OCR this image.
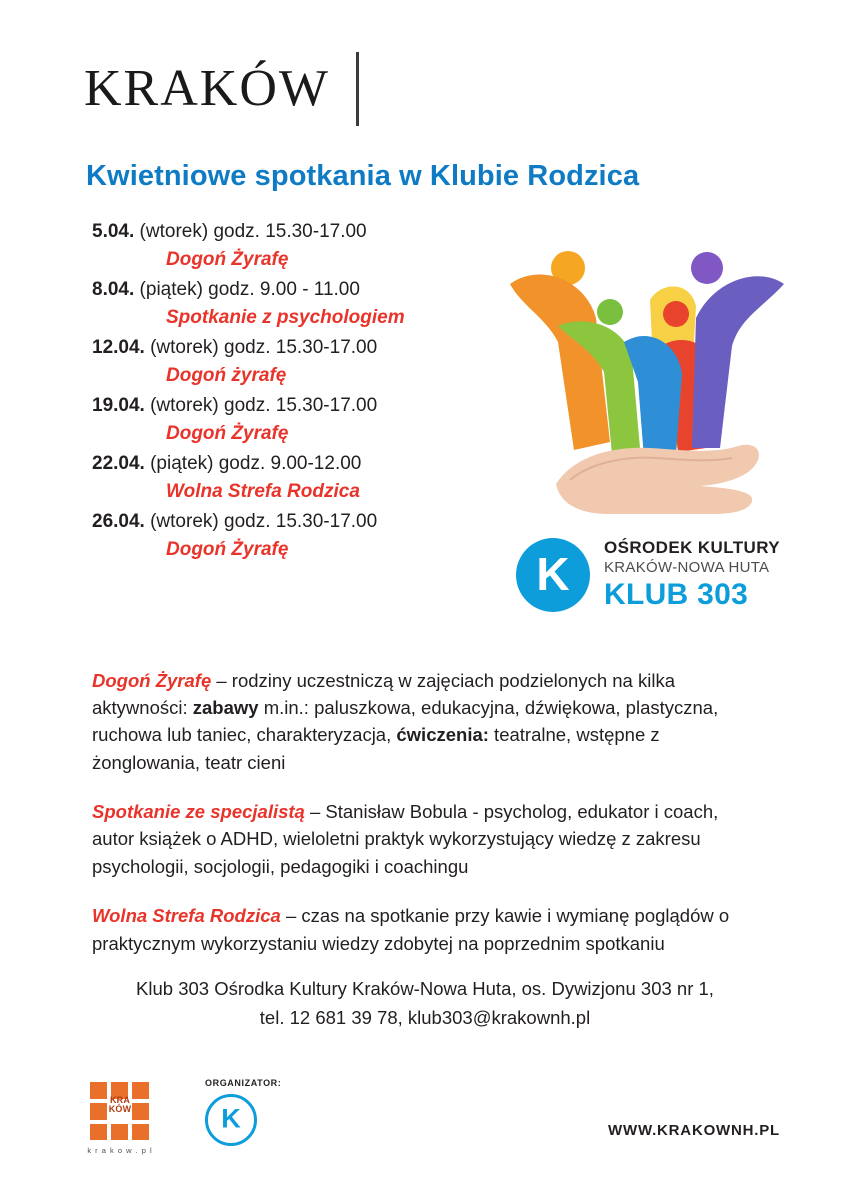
KRAKÓW
Kwietniowe spotkania w Klubie Rodzica
5.04. (wtorek) godz. 15.30-17.00
Dogoń Żyrafę
8.04. (piątek) godz. 9.00 - 11.00
Spotkanie z psychologiem
12.04. (wtorek) godz. 15.30-17.00
Dogoń żyrafę
19.04. (wtorek) godz. 15.30-17.00
Dogoń Żyrafę
22.04. (piątek) godz. 9.00-12.00
Wolna Strefa Rodzica
26.04. (wtorek) godz. 15.30-17.00
Dogoń Żyrafę	K
OŚRODEK KULTURY
KRAKÓW-NOWA HUTA
KLUB 303

Dogoń Żyrafę – rodziny uczestniczą w zajęciach podzielonych na kilka aktywności: zabawy m.in.: paluszkowa, edukacyjna, dźwiękowa, plastyczna, ruchowa lub taniec, charakteryzacja, ćwiczenia: teatralne, wstępne z żonglowania, teatr cieni

Spotkanie ze specjalistą – Stanisław Bobula - psycholog, edukator i coach, autor książek o ADHD, wieloletni praktyk wykorzystujący wiedzę z zakresu psychologii, socjologii, pedagogiki i coachingu

Wolna Strefa Rodzica – czas na spotkanie przy kawie i wymianę poglądów o praktycznym wykorzystaniu wiedzy zdobytej na poprzednim spotkaniu

Klub 303 Ośrodka Kultury Kraków-Nowa Huta, os. Dywizjonu 303 nr 1,
tel. 12 681 39 78, klub303@krakownh.pl
KRA
KÓW
k r a k o w . p l
ORGANIZATOR:
K	WWW.KRAKOWNH.PL
